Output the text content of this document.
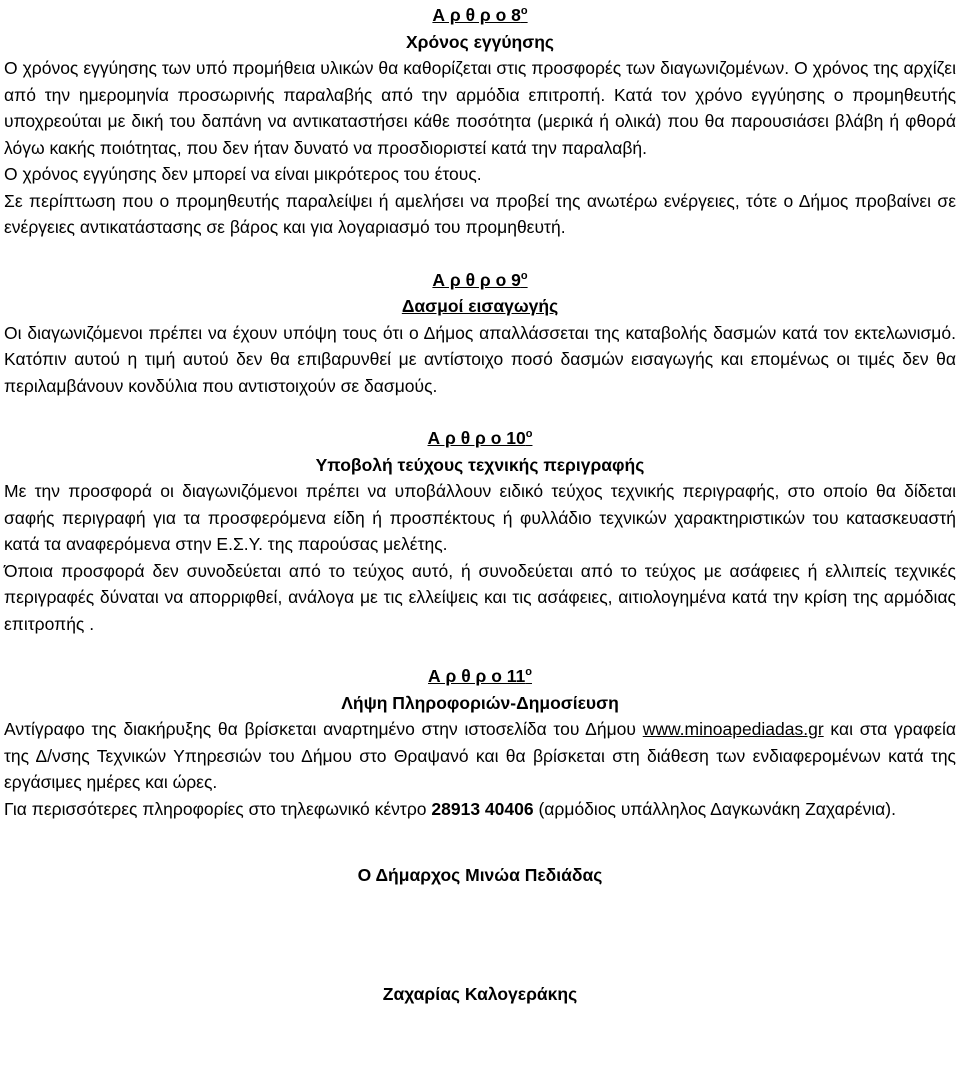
Α ρ θ ρ ο $8^o$

Χρόνος εγγύησης

Ο χρόνος εγγύησης των υπό προμήθεια υλικών θα καθορίζεται στις προσφορές των διαγωνιζομένων. Ο χρόνος της αρχίζει από την ημερομηνία προσωρινής παραλαβής από την αρμόδια επιτροπή. Κατά τον χρόνο εγγύησης ο προμηθευτής υποχρεούται με δική του δαπάνη να αντικαταστήσει κάθε ποσότητα (μερικά ή ολικά) που θα παρουσιάσει βλάβη ή φθορά λόγω κακής ποιότητας, που δεν ήταν δυνατό να προσδιοριστεί κατά την παραλαβή.

Ο χρόνος εγγύησης δεν μπορεί να είναι μικρότερος του έτους.

Σε περίπτωση που ο προμηθευτής παραλείψει ή αμελήσει να προβεί της ανωτέρω ενέργειες, τότε ο Δήμος προβαίνει σε ενέργειες αντικατάστασης σε βάρος και για λογαριασμό του προμηθευτή.

Α ρ θ ρ ο $9^o$

Δασμοί εισαγωγής

Οι διαγωνιζόμενοι πρέπει να έχουν υπόψη τους ότι ο Δήμος απαλλάσσεται της καταβολής δασμών κατά τον εκτελωνισμό. Κατόπιν αυτού η τιμή αυτού δεν θα επιβαρυνθεί με αντίστοιχο ποσό δασμών εισαγωγής και επομένως οι τιμές δεν θα περιλαμβάνουν κονδύλια που αντιστοιχούν σε δασμούς.

Α ρ θ ρ ο $10^o$

Υποβολή τεύχους τεχνικής περιγραφής

Με την προσφορά οι διαγωνιζόμενοι πρέπει να υποβάλλουν ειδικό τεύχος τεχνικής περιγραφής, στο οποίο θα δίδεται σαφής περιγραφή για τα προσφερόμενα είδη ή προσπέκτους ή φυλλάδιο τεχνικών χαρακτηριστικών του κατασκευαστή κατά τα αναφερόμενα στην Ε.Σ.Υ. της παρούσας μελέτης.

Όποια προσφορά δεν συνοδεύεται από το τεύχος αυτό, ή συνοδεύεται από το τεύχος με ασάφειες ή ελλιπείς τεχνικές περιγραφές δύναται να απορριφθεί, ανάλογα με τις ελλείψεις και τις ασάφειες, αιτιολογημένα κατά την κρίση της αρμόδιας επιτροπής .

Α ρ θ ρ ο $11^o$

Λήψη Πληροφοριών-Δημοσίευση

Αντίγραφο της διακήρυξης θα βρίσκεται αναρτημένο στην ιστοσελίδα του Δήμου www.minoapediadas.gr και στα γραφεία της Δ/νσης Τεχνικών Υπηρεσιών του Δήμου στο Θραψανό και θα βρίσκεται στη διάθεση των ενδιαφερομένων κατά της εργάσιμες ημέρες και ώρες.

Για περισσότερες πληροφορίες στο τηλεφωνικό κέντρο 28913 40406 (αρμόδιος υπάλληλος Δαγκωνάκη Ζαχαρένια).

Ο Δήμαρχος Μινώα Πεδιάδας

Ζαχαρίας Καλογεράκης
